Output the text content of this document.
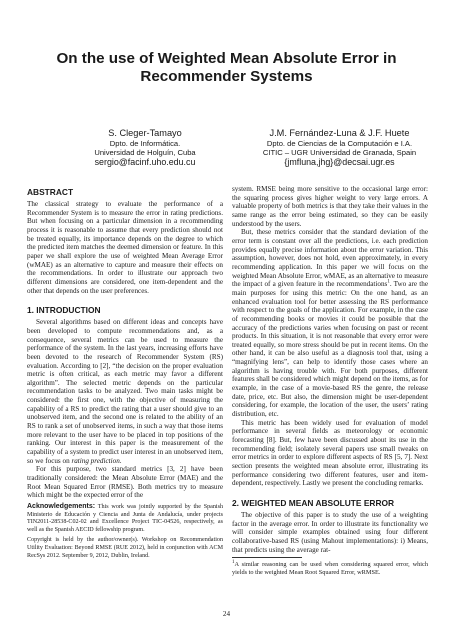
On the use of Weighted Mean Absolute Error in Recommender Systems
S. Cleger-Tamayo
Dpto. de Informática.
Universidad de Holguín, Cuba
sergio@facinf.uho.edu.cu
J.M. Fernández-Luna & J.F. Huete
Dpto. de Ciencias de la Computación e I.A.
CITIC – UGR Universidad de Granada, Spain
{jmfluna,jhg}@decsai.ugr.es
ABSTRACT

The classical strategy to evaluate the performance of a Recommender System is to measure the error in rating predictions. But when focusing on a particular dimension in a recommending process it is reasonable to assume that every prediction should not be treated equally, its importance depends on the degree to which the predicted item matches the deemed dimension or feature. In this paper we shall explore the use of weighted Mean Average Error (wMAE) as an alternative to capture and measure their effects on the recommendations. In order to illustrate our approach two different dimensions are considered, one item-dependent and the other that depends on the user preferences.

1. INTRODUCTION

Several algorithms based on different ideas and concepts have been developed to compute recommendations and, as a consequence, several metrics can be used to measure the performance of the system. In the last years, increasing efforts have been devoted to the research of Recommender System (RS) evaluation. According to [2], “the decision on the proper evaluation metric is often critical, as each metric may favor a different algorithm”. The selected metric depends on the particular recommendation tasks to be analyzed. Two main tasks might be considered: the first one, with the objective of measuring the capability of a RS to predict the rating that a user should give to an unobserved item, and the second one is related to the ability of an RS to rank a set of unobserved items, in such a way that those items more relevant to the user have to be placed in top positions of the ranking. Our interest in this paper is the measurement of the capability of a system to predict user interest in an unobserved item, so we focus on rating prediction.

For this purpose, two standard metrics [3, 2] have been traditionally considered: the Mean Absolute Error (MAE) and the Root Mean Squared Error (RMSE). Both metrics try to measure which might be the expected error of the

Acknowledgements: This work was jointly supported by the Spanish Ministerio de Educación y Ciencia and Junta de Andalucía, under projects TIN2011-28538-C02-02 and Excellence Project TIC-04526, respectively, as well as the Spanish AECID fellowship program.
Copyright is held by the author/owner(s). Workshop on Recommendation Utility Evaluation: Beyond RMSE (RUE 2012), held in conjunction with ACM RecSys 2012. September 9, 2012, Dublin, Ireland.

system. RMSE being more sensitive to the occasional large error: the squaring process gives higher weight to very large errors. A valuable property of both metrics is that they take their values in the same range as the error being estimated, so they can be easily understood by the users.

But, these metrics consider that the standard deviation of the error term is constant over all the predictions, i.e. each prediction provides equally precise information about the error variation. This assumption, however, does not hold, even approximately, in every recommending application. In this paper we will focus on the weighted Mean Absolute Error, wMAE, as an alternative to measure the impact of a given feature in the recommendations$^1$. Two are the main purposes for using this metric: On the one hand, as an enhanced evaluation tool for better assessing the RS performance with respect to the goals of the application. For example, in the case of recommending books or movies it could be possible that the accuracy of the predictions varies when focusing on past or recent products. In this situation, it is not reasonable that every error were treated equally, so more stress should be put in recent items. On the other hand, it can be also useful as a diagnosis tool that, using a “magnifying lens”, can help to identify those cases where an algorithm is having trouble with. For both purposes, different features shall be considered which might depend on the items, as for example, in the case of a movie-based RS the genre, the release date, price, etc. But also, the dimension might be user-dependent considering, for example, the location of the user, the users’ rating distribution, etc.

This metric has been widely used for evaluation of model performance in several fields as meteorology or economic forecasting [8]. But, few have been discussed about its use in the recommending field; isolately several papers use small tweaks on error metrics in order to explore different aspects of RS [5, 7]. Next section presents the weighted mean absolute error, illustrating its performance considering two different features, user and item-dependent, respectively. Lastly we present the concluding remarks.

2. WEIGHTED MEAN ABSOLUTE ERROR

The objective of this paper is to study the use of a weighting factor in the average error. In order to illustrate its functionality we will consider simple examples obtained using four different collaborative-based RS (using Mahout implementations): i) Means, that predicts using the average rat-

$^1$A similar reasoning can be used when considering squared error, which yields to the weighted Mean Root Squared Error, wRMSE.
24
